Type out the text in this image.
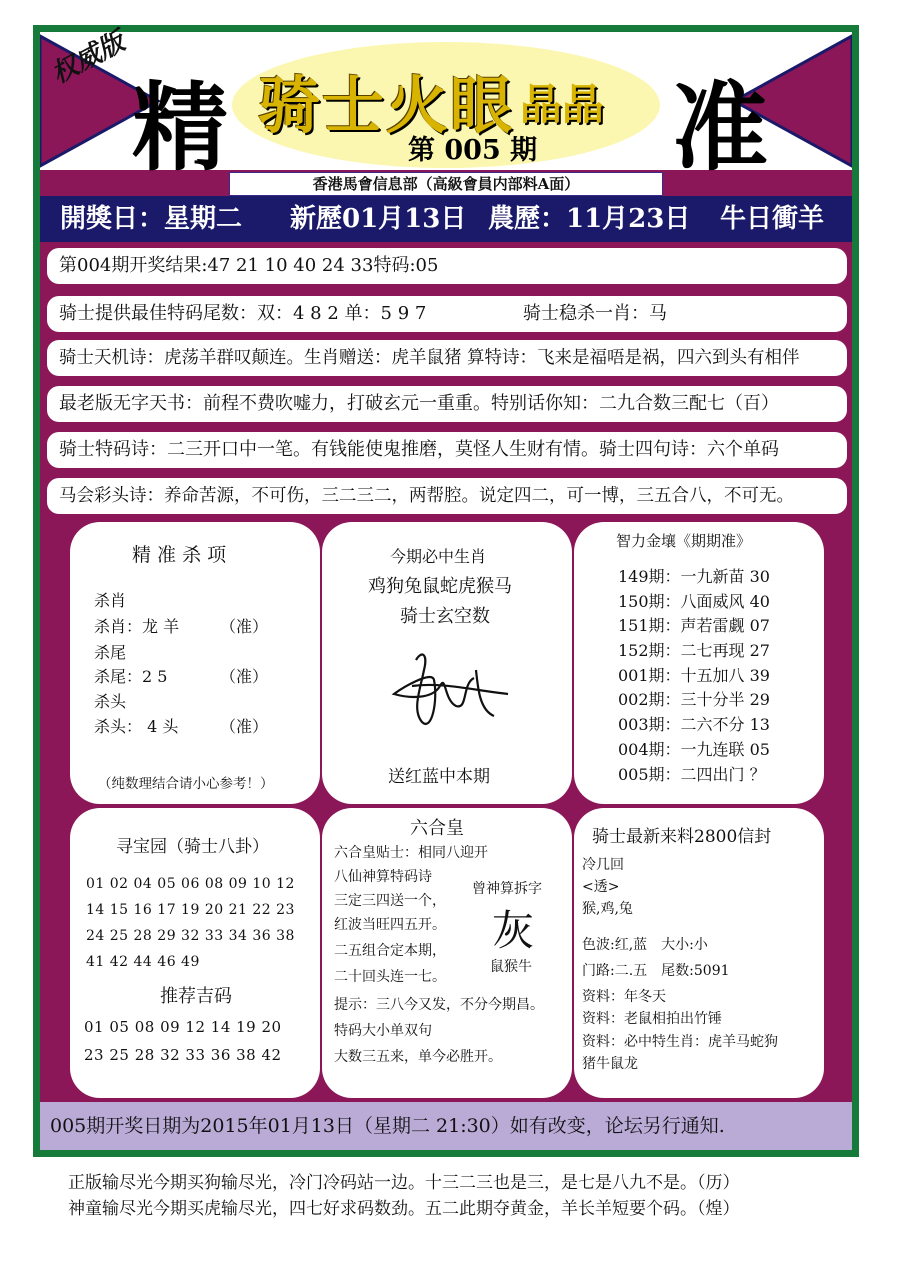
权威版
精 骑士火眼 晶晶
第 005 期 准
香港馬會信息部（高級會員内部料A面）
開獎日：星期二 新歷01月13日 農歷：11月23日 牛日衝羊
第004期开奖结果:47 21 10 40 24 33特码:05
骑士提供最佳特码尾数：双：4 8 2 单：5 9 7	骑士稳杀一肖：马
骑士天机诗：虎荡羊群叹颠连。生肖赠送：虎羊鼠猪 算特诗：飞来是福唔是祸，四六到头有相伴
最老版无字天书：前程不费吹嘘力，打破玄元一重重。特别话你知：二九合数三配七（百）
骑士特码诗：二三开口中一笔。有钱能使鬼推磨，莫怪人生财有情。骑士四句诗：六个单码
马会彩头诗：养命苦源，不可伤，三二三二，两帮腔。说定四二，可一博，三五合八，不可无。
精 准 杀 项
杀肖
杀肖：龙 羊	（准）
杀尾
杀尾：2 5	（准）
杀头
杀头： 4 头	（准）
（纯数理结合请小心参考！）
今期必中生肖
鸡狗兔鼠蛇虎猴马
骑士玄空数
送红蓝中本期
智力金壤《期期准》
149期：一九新苗 30
150期：八面威风 40
151期：声若雷觑 07
152期：二七再现 27
001期：十五加八 39
002期：三十分半 29
003期：二六不分 13
004期：一九连联 05
005期：二四出门 ？
寻宝园（骑士八卦）
01 02 04 05 06 08 09 10 12
14 15 16 17 19 20 21 22 23
24 25 28 29 32 33 34 36 38
41 42 44 46 49
推荐吉码
01 05 08 09 12 14 19 20
23 25 28 32 33 36 38 42
六合皇
六合皇贴士：相同八迎开
八仙神算特码诗
三定三四送一个，
红波当旺四五开。
二五组合定本期，
二十回头连一七。
提示：三八今又发，不分今期昌。
特码大小单双句
大数三五来，单今必胜开。
曾神算拆字
灰
鼠猴牛
骑士最新来料2800信封
冷几回
<透>
猴,鸡,兔
色波:红,蓝　大小:小
门路:二.五　尾数:5091
资料：年冬天
资料：老鼠相拍出竹锤
资料：必中特生肖：虎羊马蛇狗
猪牛鼠龙
005期开奖日期为2015年01月13日（星期二 21:30）如有改变，论坛另行通知.
正版输尽光今期买狗输尽光，冷门冷码站一边。十三二三也是三，是七是八九不是。（历）
神童输尽光今期买虎输尽光，四七好求码数劲。五二此期夺黄金，羊长羊短要个码。（煌）
